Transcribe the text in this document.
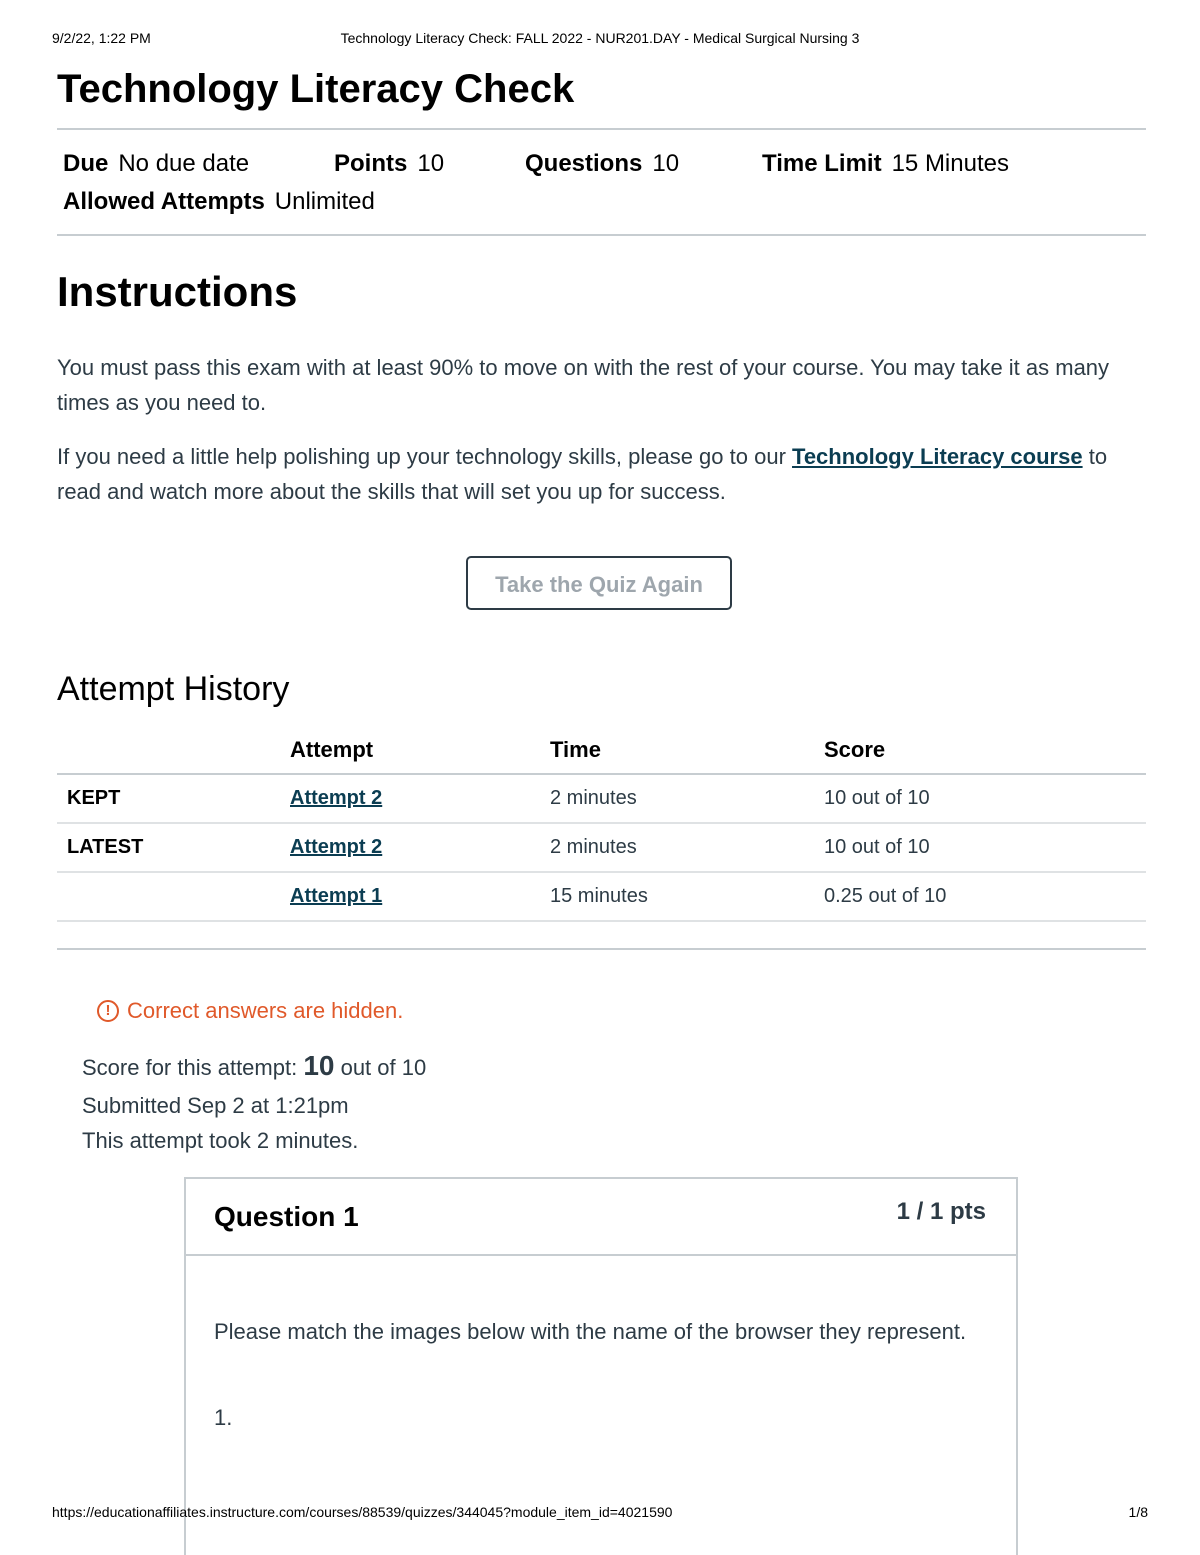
9/2/22, 1:22 PM	Technology Literacy Check: FALL 2022 - NUR201.DAY - Medical Surgical Nursing 3
Technology Literacy Check
Due No due date	Points 10	Questions 10	Time Limit 15 Minutes
Allowed Attempts Unlimited
Instructions
You must pass this exam with at least 90% to move on with the rest of your course. You may take it as many times as you need to.
If you need a little help polishing up your technology skills, please go to our Technology Literacy course to read and watch more about the skills that will set you up for success.
Take the Quiz Again
Attempt History
	Attempt	Time	Score
KEPT	Attempt 2	2 minutes	10 out of 10
LATEST	Attempt 2	2 minutes	10 out of 10
	Attempt 1	15 minutes	0.25 out of 10
! Correct answers are hidden.
Score for this attempt: 10 out of 10
Submitted Sep 2 at 1:21pm
This attempt took 2 minutes.
Question 1	1 / 1 pts
Please match the images below with the name of the browser they represent.
1.
https://educationaffiliates.instructure.com/courses/88539/quizzes/344045?module_item_id=4021590	1/8
